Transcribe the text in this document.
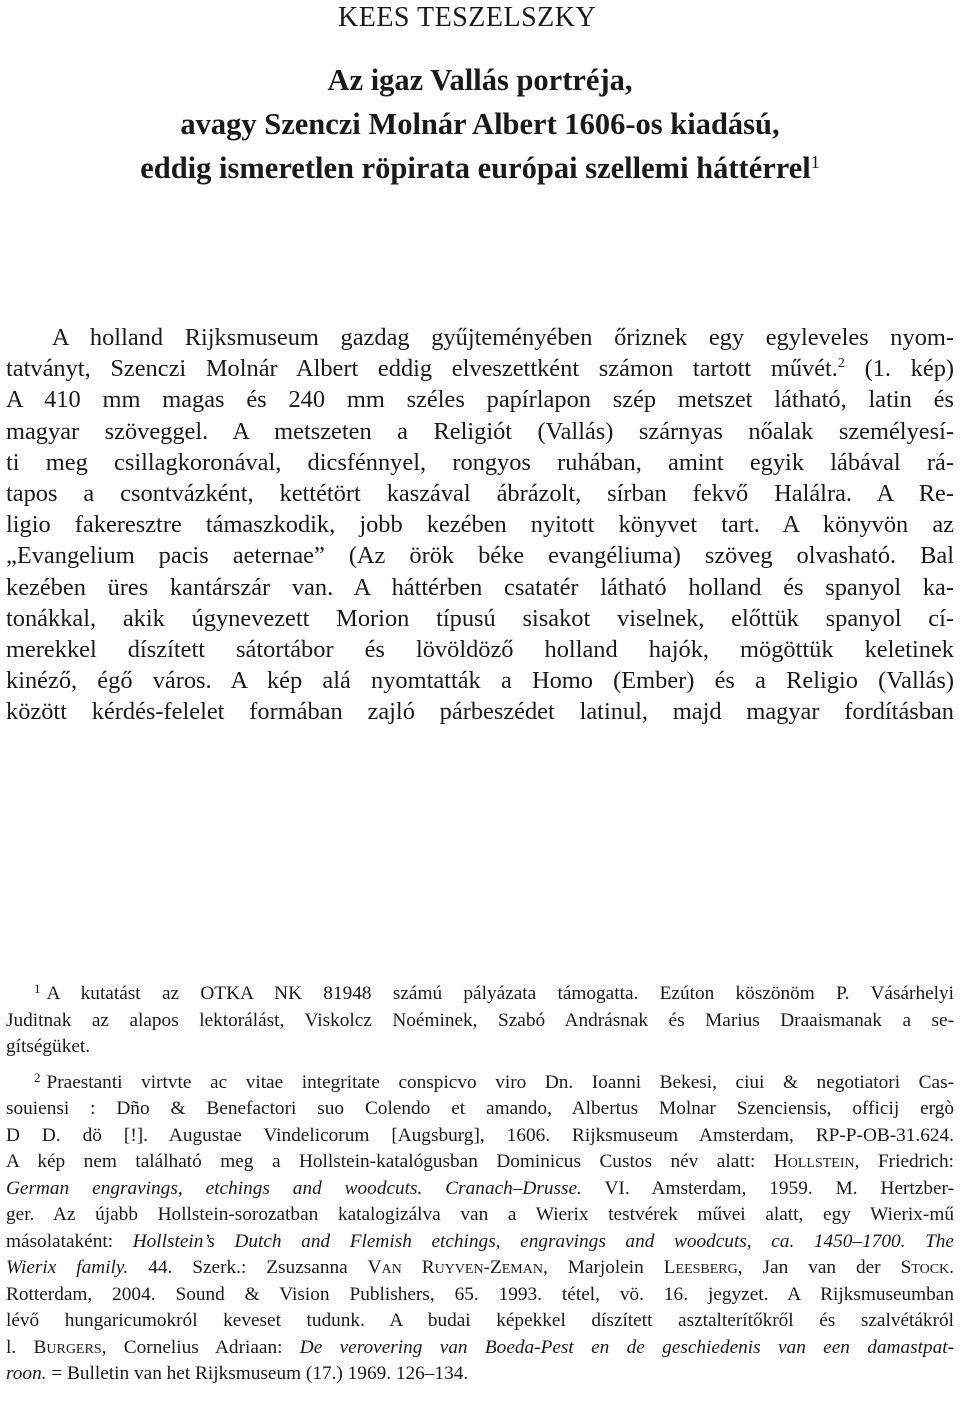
KEES TESZELSZKY
Az igaz Vallás portréja,
avagy Szenczi Molnár Albert 1606-os kiadású,
eddig ismeretlen röpirata európai szellemi háttérrel$^1$
A holland Rijksmuseum gazdag gyűjteményében őriznek egy egyleveles nyom-
tatványt, Szenczi Molnár Albert eddig elveszettként számon tartott művét.$^2$ (1. kép)
A 410 mm magas és 240 mm széles papírlapon szép metszet látható, latin és
magyar szöveggel. A metszeten a Religiót (Vallás) szárnyas nőalak személyesí-
ti meg csillagkoronával, dicsfénnyel, rongyos ruhában, amint egyik lábával rá-
tapos a csontvázként, kettétört kaszával ábrázolt, sírban fekvő Halálra. A Re-
ligio fakeresztre támaszkodik, jobb kezében nyitott könyvet tart. A könyvön az
„Evangelium pacis aeternae” (Az örök béke evangéliuma) szöveg olvasható. Bal
kezében üres kantárszár van. A háttérben csatatér látható holland és spanyol ka-
tonákkal, akik úgynevezett Morion típusú sisakot viselnek, előttük spanyol cí-
merekkel díszített sátortábor és lövöldöző holland hajók, mögöttük keletinek
kinéző, égő város. A kép alá nyomtatták a Homo (Ember) és a Religio (Vallás)
között kérdés-felelet formában zajló párbeszédet latinul, majd magyar fordításban
$^1$ A kutatást az OTKA NK 81948 számú pályázata támogatta. Ezúton köszönöm P. Vásárhelyi
Juditnak az alapos lektorálást, Viskolcz Noéminek, Szabó Andrásnak és Marius Draaismanak a se-
gítségüket.
$^2$ Praestanti virtvte ac vitae integritate conspicvo viro Dn. Ioanni Bekesi, ciui & negotiatori Cas-
souiensi : Dño & Benefactori suo Colendo et amando, Albertus Molnar Szenciensis, officij ergò
D D. dö [!]. Augustae Vindelicorum [Augsburg], 1606. Rijksmuseum Amsterdam, RP-P-OB-31.624.
A kép nem található meg a Hollstein-katalógusban Dominicus Custos név alatt: Hollstein, Friedrich:
German engravings, etchings and woodcuts. Cranach–Drusse. VI. Amsterdam, 1959. M. Hertzber-
ger. Az újabb Hollstein-sorozatban katalogizálva van a Wierix testvérek művei alatt, egy Wierix-mű
másolataként: Hollstein’s Dutch and Flemish etchings, engravings and woodcuts, ca. 1450–1700. The
Wierix family. 44. Szerk.: Zsuzsanna Van Ruyven-Zeman, Marjolein Leesberg, Jan van der Stock.
Rotterdam, 2004. Sound & Vision Publishers, 65. 1993. tétel, vö. 16. jegyzet. A Rijksmuseumban
lévő hungaricumokról keveset tudunk. A budai képekkel díszített asztalterítőkről és szalvétákról
l. Burgers, Cornelius Adriaan: De verovering van Boeda-Pest en de geschiedenis van een damastpat-
roon. = Bulletin van het Rijksmuseum (17.) 1969. 126–134.
